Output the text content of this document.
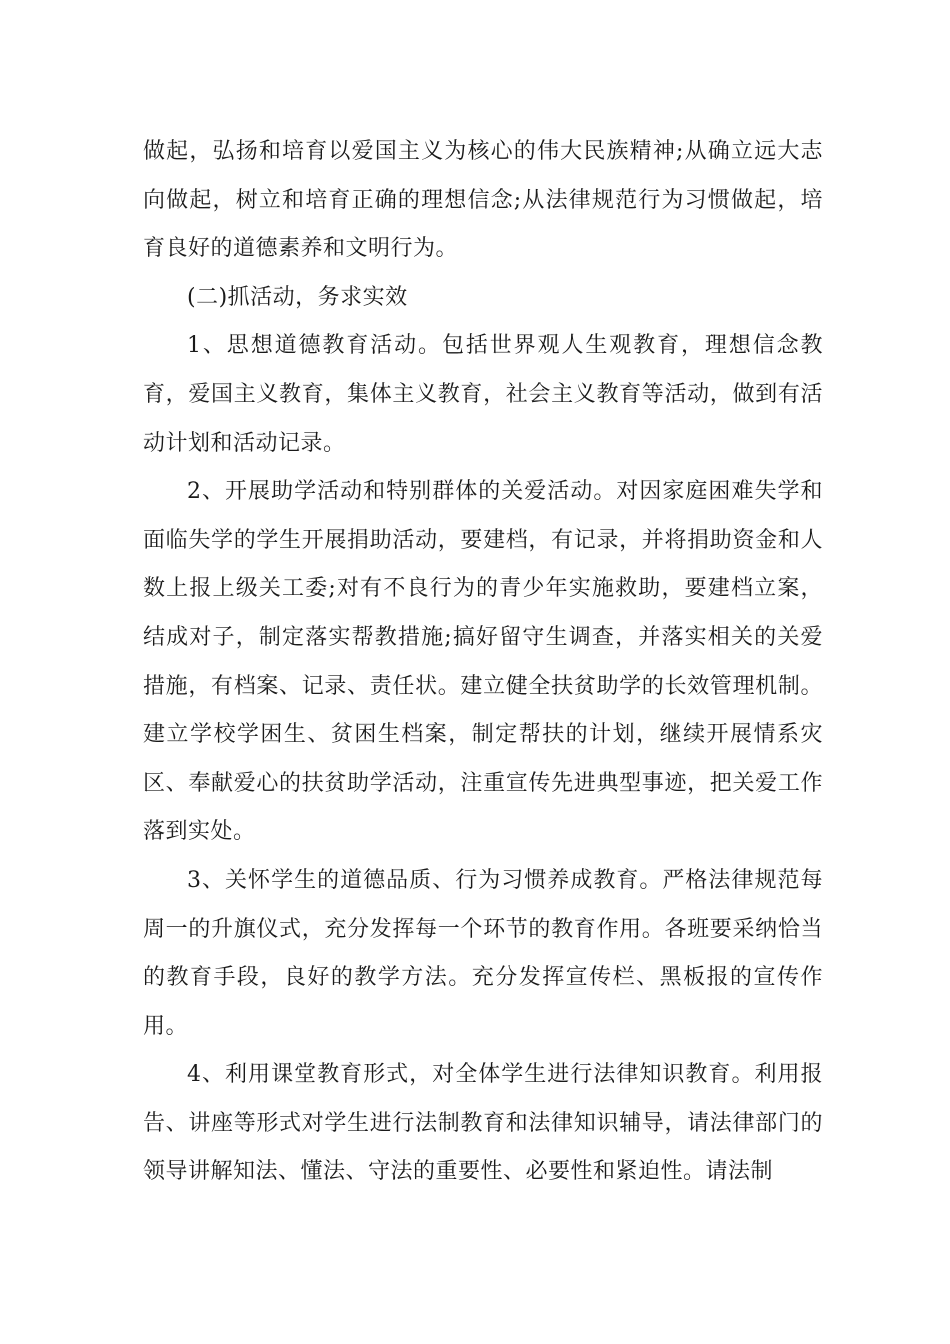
做起，弘扬和培育以爱国主义为核心的伟大民族精神;从确立远大志向做起，树立和培育正确的理想信念;从法律规范行为习惯做起，培育良好的道德素养和文明行为。

(二)抓活动，务求实效

1、思想道德教育活动。包括世界观人生观教育，理想信念教育，爱国主义教育，集体主义教育，社会主义教育等活动，做到有活动计划和活动记录。

2、开展助学活动和特别群体的关爱活动。对因家庭困难失学和面临失学的学生开展捐助活动，要建档，有记录，并将捐助资金和人数上报上级关工委;对有不良行为的青少年实施救助，要建档立案，结成对子，制定落实帮教措施;搞好留守生调查，并落实相关的关爱措施，有档案、记录、责任状。建立健全扶贫助学的长效管理机制。建立学校学困生、贫困生档案，制定帮扶的计划，继续开展情系灾区、奉献爱心的扶贫助学活动，注重宣传先进典型事迹，把关爱工作落到实处。

3、关怀学生的道德品质、行为习惯养成教育。严格法律规范每周一的升旗仪式，充分发挥每一个环节的教育作用。各班要采纳恰当的教育手段，良好的教学方法。充分发挥宣传栏、黑板报的宣传作用。

4、利用课堂教育形式，对全体学生进行法律知识教育。利用报告、讲座等形式对学生进行法制教育和法律知识辅导，请法律部门的领导讲解知法、懂法、守法的重要性、必要性和紧迫性。请法制
